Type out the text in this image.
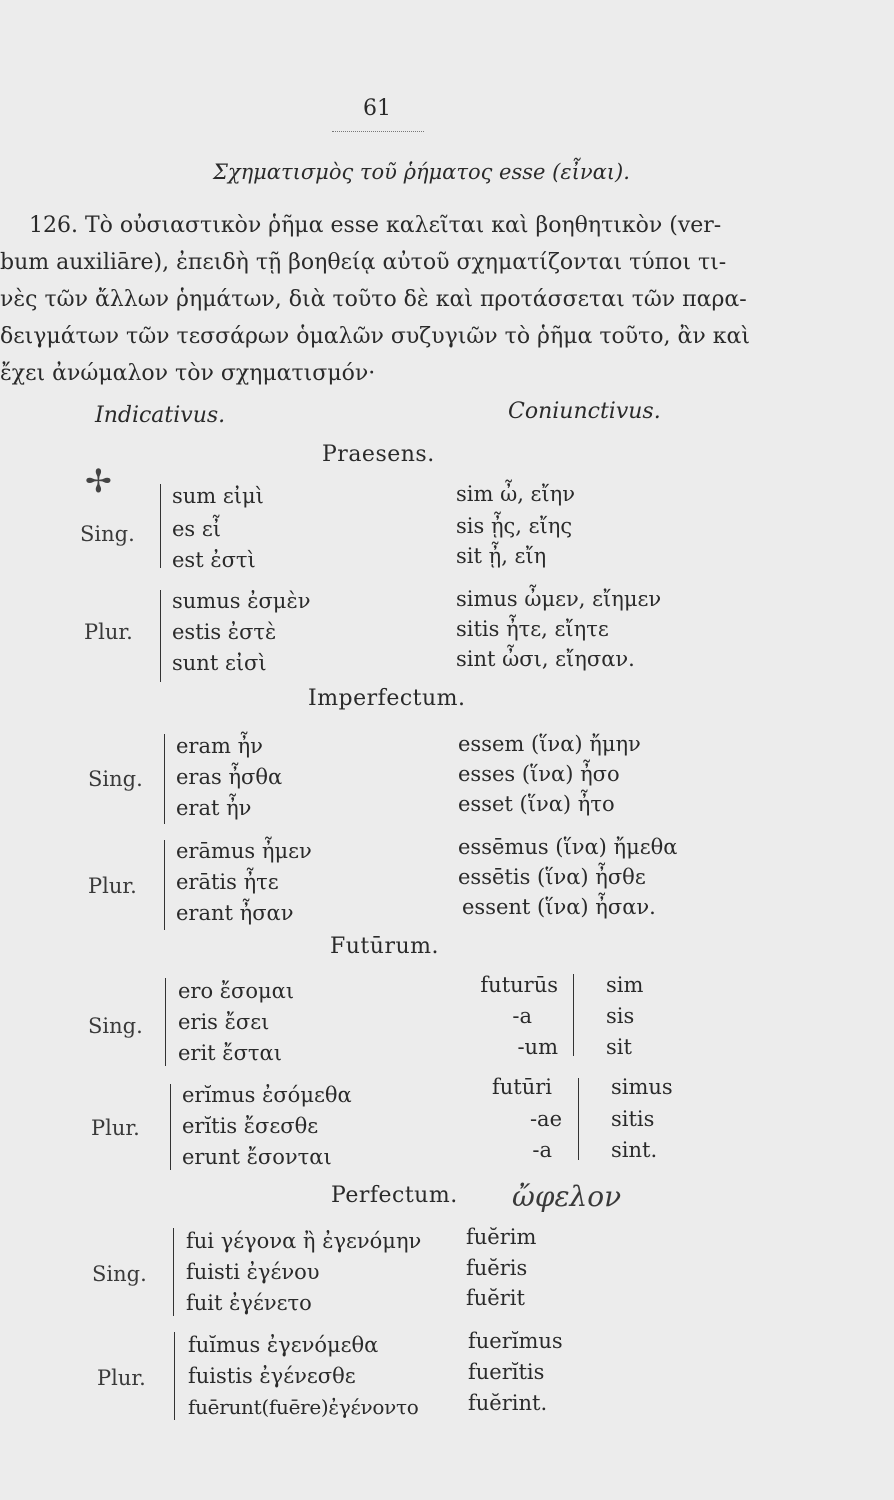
61
Σχηματισμὸς τοῦ ῥήματος esse (εἶναι).
126. Τὸ οὐσιαστικὸν ῥῆμα esse καλεῖται καὶ βοηθητικὸν (ver-
bum auxiliāre), ἐπειδὴ τῇ βοηθείᾳ αὐτοῦ σχηματίζονται τύποι τι-
νὲς τῶν ἄλλων ῥημάτων, διὰ τοῦτο δὲ καὶ προτάσσεται τῶν παρα-
δειγμάτων τῶν τεσσάρων ὁμαλῶν συζυγιῶν τὸ ῥῆμα τοῦτο, ἂν καὶ
ἔχει ἀνώμαλον τὸν σχηματισμόν·
Indicativus.	Coniunctivus.
Praesens.
✢
Sing.
sum εἰμὶ
es εἶ
est ἐστὶ
sim ὦ, εἴην
sis ᾖς, εἴης
sit ᾖ, εἴη
Plur.
sumus ἐσμὲν
estis ἐστὲ
sunt εἰσὶ
simus ὦμεν, εἴημεν
sitis ἦτε, εἴητε
sint ὦσι, εἴησαν.
Imperfectum.
Sing.
eram ἦν
eras ἦσθα
erat ἦν
essem (ἵνα) ἤμην
esses (ἵνα) ἦσο
esset (ἵνα) ἦτο
Plur.
erāmus ἦμεν
erātis ἦτε
erant ἦσαν
essēmus (ἵνα) ἤμεθα
essētis (ἵνα) ἦσθε
essent (ἵνα) ἦσαν.
Futūrum.
Sing.
ero ἔσομαι
eris ἔσει
erit ἔσται
futurūs
-a
-um
sim
sis
sit
Plur.
erĭmus ἐσόμεθα
erĭtis ἔσεσθε
erunt ἔσονται
futūri
-ae
-a
simus
sitis
sint.
Perfectum. ὤφελον
Sing.
fui γέγονα ἢ ἐγενόμην
fuisti ἐγένου
fuit ἐγένετο
fuĕrim
fuĕris
fuĕrit
Plur.
fuĭmus ἐγενόμεθα
fuistis ἐγένεσθε
fuērunt(fuēre)ἐγένοντο
fuerĭmus
fuerĭtis
fuĕrint.
